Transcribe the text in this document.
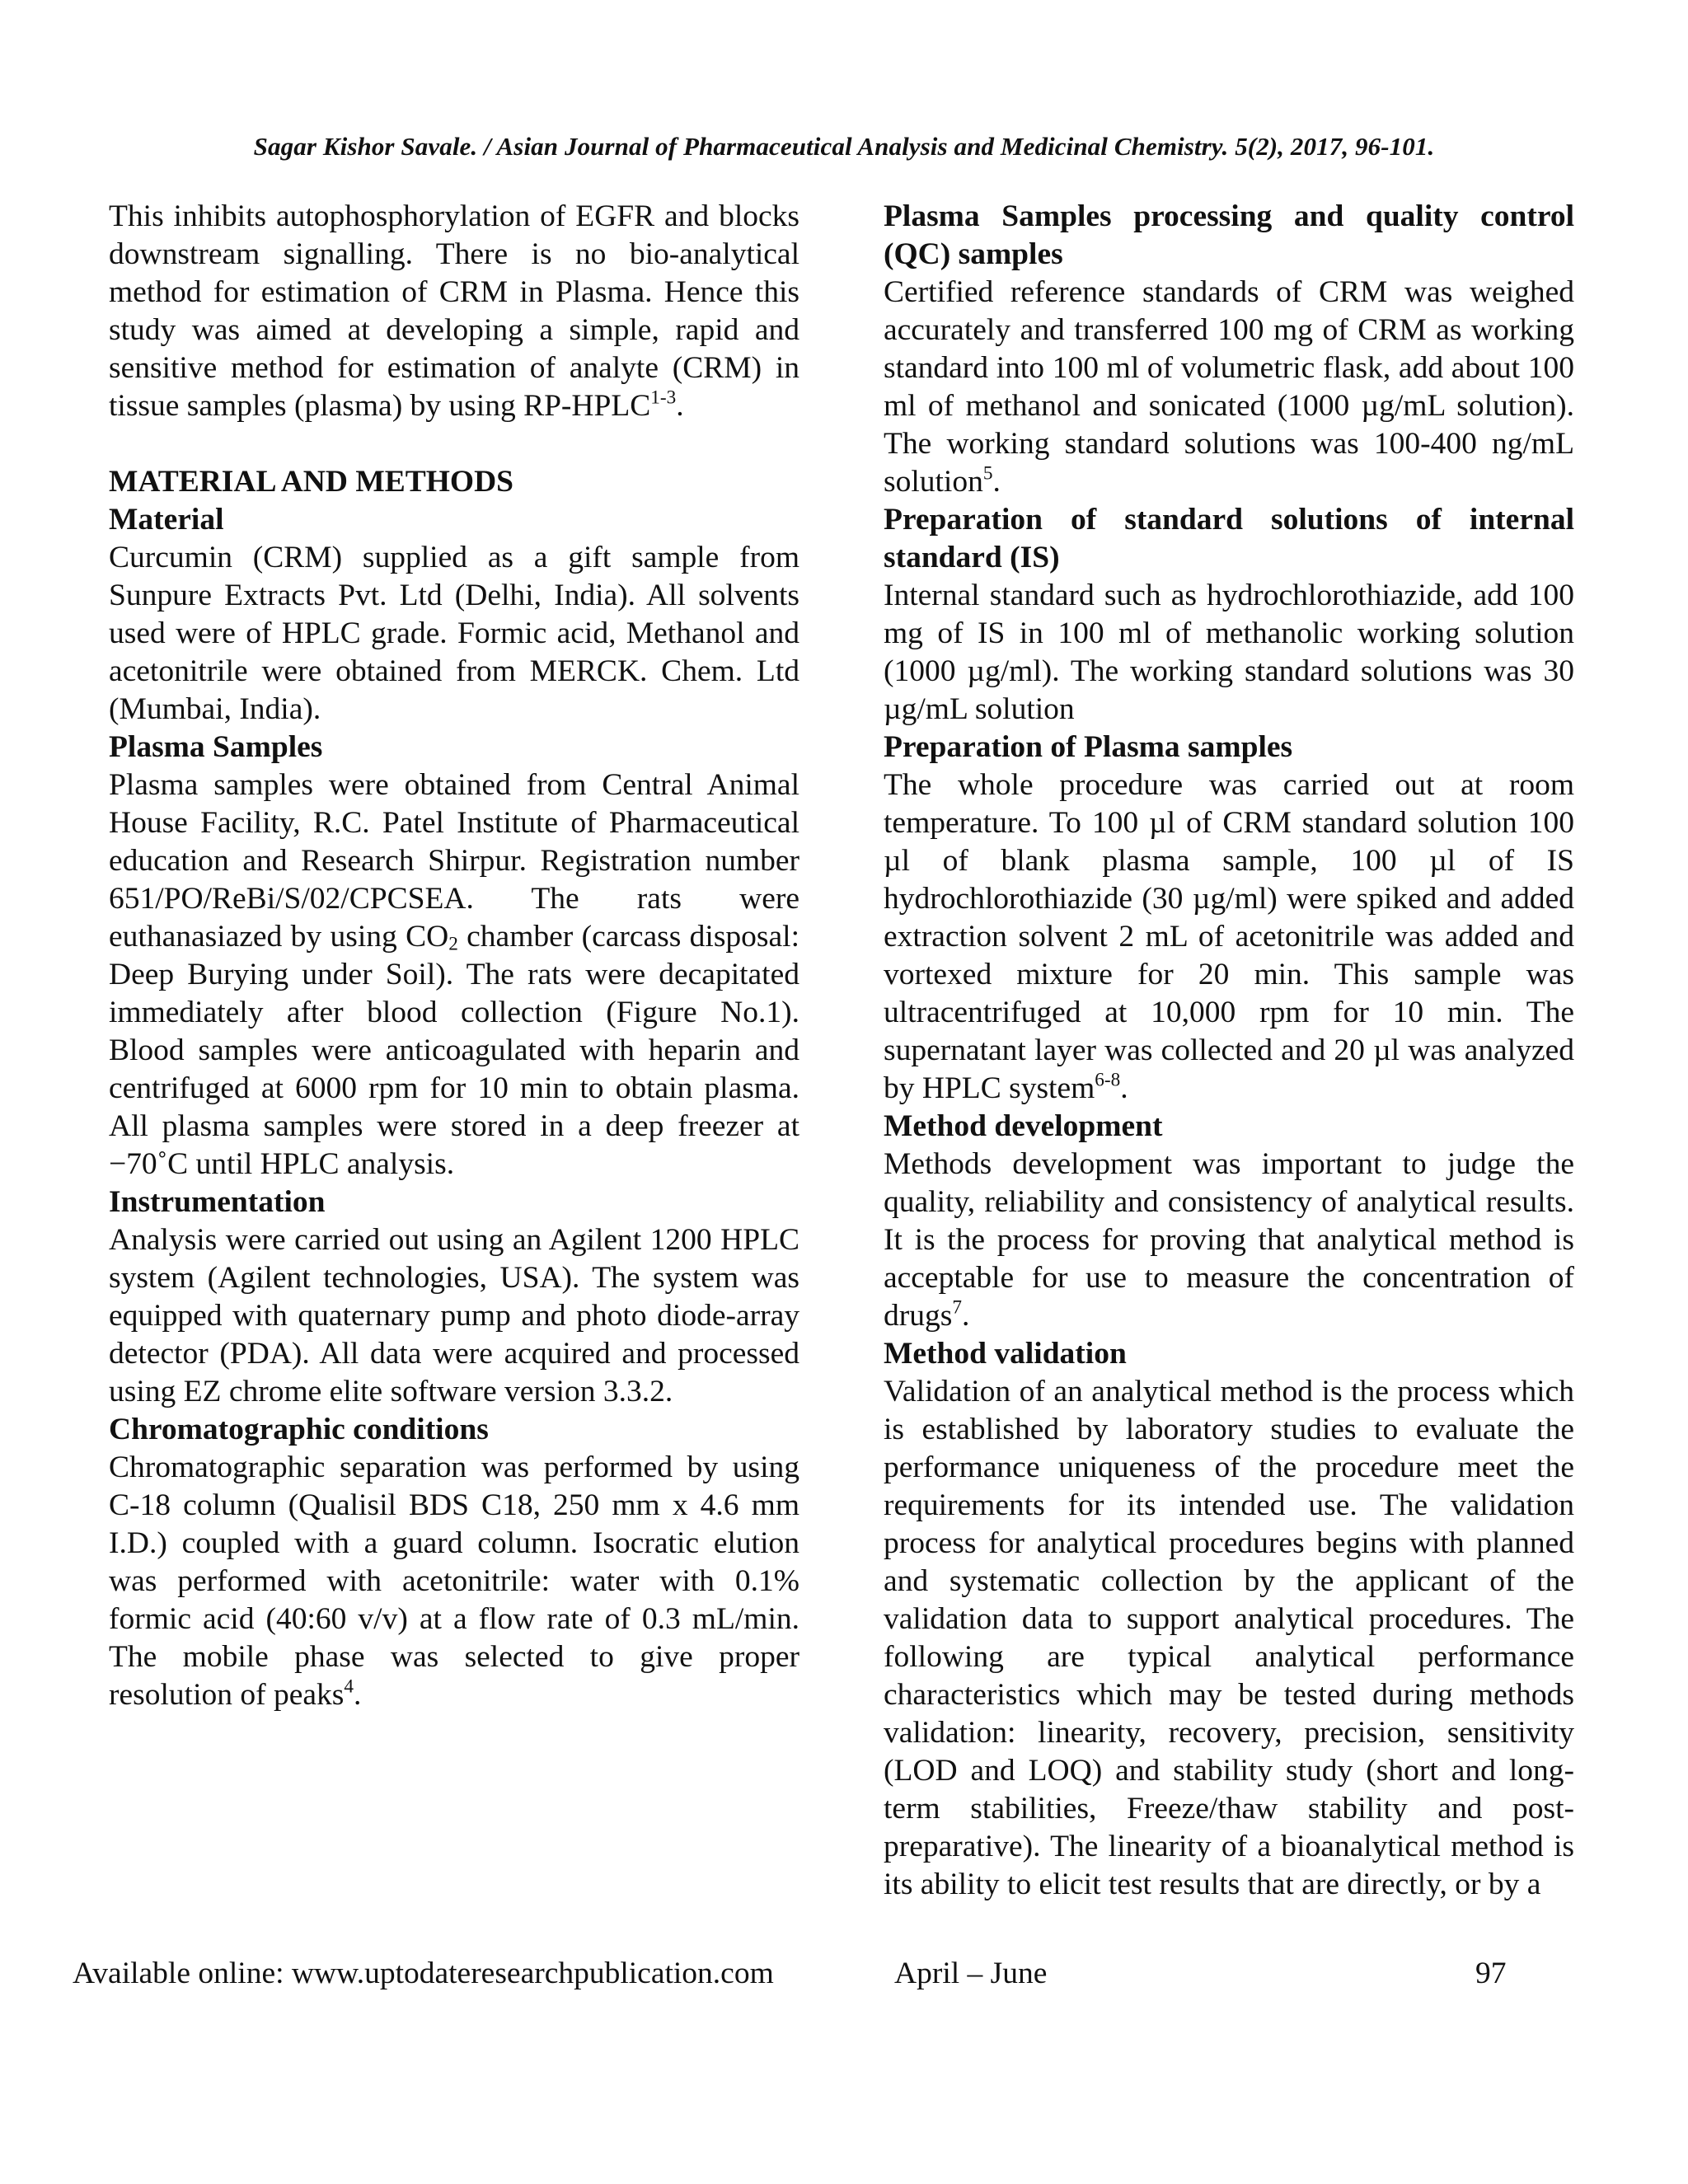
Sagar Kishor Savale. / Asian Journal of Pharmaceutical Analysis and Medicinal Chemistry. 5(2), 2017, 96-101.

This inhibits autophosphorylation of EGFR and blocks downstream signalling. There is no bio-analytical method for estimation of CRM in Plasma. Hence this study was aimed at developing a simple, rapid and sensitive method for estimation of analyte (CRM) in tissue samples (plasma) by using RP-HPLC$^{1-3}$.

MATERIAL AND METHODS
Material

Curcumin (CRM) supplied as a gift sample from Sunpure Extracts Pvt. Ltd (Delhi, India). All solvents used were of HPLC grade. Formic acid, Methanol and acetonitrile were obtained from MERCK. Chem. Ltd (Mumbai, India).

Plasma Samples

Plasma samples were obtained from Central Animal House Facility, R.C. Patel Institute of Pharmaceutical education and Research Shirpur. Registration number 651/PO/ReBi/S/02/CPCSEA. The rats were euthanasiazed by using $CO_2$ chamber (carcass disposal: Deep Burying under Soil). The rats were decapitated immediately after blood collection (Figure No.1). Blood samples were anticoagulated with heparin and centrifuged at 6000 rpm for 10 min to obtain plasma. All plasma samples were stored in a deep freezer at −70˚C until HPLC analysis.

Instrumentation

Analysis were carried out using an Agilent 1200 HPLC system (Agilent technologies, USA). The system was equipped with quaternary pump and photo diode-array detector (PDA). All data were acquired and processed using EZ chrome elite software version 3.3.2.

Chromatographic conditions

Chromatographic separation was performed by using C-18 column (Qualisil BDS C18, 250 mm x 4.6 mm I.D.) coupled with a guard column. Isocratic elution was performed with acetonitrile: water with 0.1% formic acid (40:60 v/v) at a flow rate of 0.3 mL/min. The mobile phase was selected to give proper resolution of peaks$^4$.

Plasma Samples processing and quality control (QC) samples

Certified reference standards of CRM was weighed accurately and transferred 100 mg of CRM as working standard into 100 ml of volumetric flask, add about 100 ml of methanol and sonicated (1000 µg/mL solution). The working standard solutions was 100-400 ng/mL solution$^5$.

Preparation of standard solutions of internal standard (IS)

Internal standard such as hydrochlorothiazide, add 100 mg of IS in 100 ml of methanolic working solution (1000 µg/ml). The working standard solutions was 30 µg/mL solution

Preparation of Plasma samples

The whole procedure was carried out at room temperature. To 100 µl of CRM standard solution 100 µl of blank plasma sample, 100 µl of IS hydrochlorothiazide (30 µg/ml) were spiked and added extraction solvent 2 mL of acetonitrile was added and vortexed mixture for 20 min. This sample was ultracentrifuged at 10,000 rpm for 10 min. The supernatant layer was collected and 20 µl was analyzed by HPLC system$^{6-8}$.

Method development

Methods development was important to judge the quality, reliability and consistency of analytical results. It is the process for proving that analytical method is acceptable for use to measure the concentration of drugs$^7$.

Method validation

Validation of an analytical method is the process which is established by laboratory studies to evaluate the performance uniqueness of the procedure meet the requirements for its intended use. The validation process for analytical procedures begins with planned and systematic collection by the applicant of the validation data to support analytical procedures. The following are typical analytical performance characteristics which may be tested during methods validation: linearity, recovery, precision, sensitivity (LOD and LOQ) and stability study (short and long-term stabilities, Freeze/thaw stability and post-preparative). The linearity of a bioanalytical method is its ability to elicit test results that are directly, or by a

Available online: www.uptodateresearchpublication.com	April – June	97
